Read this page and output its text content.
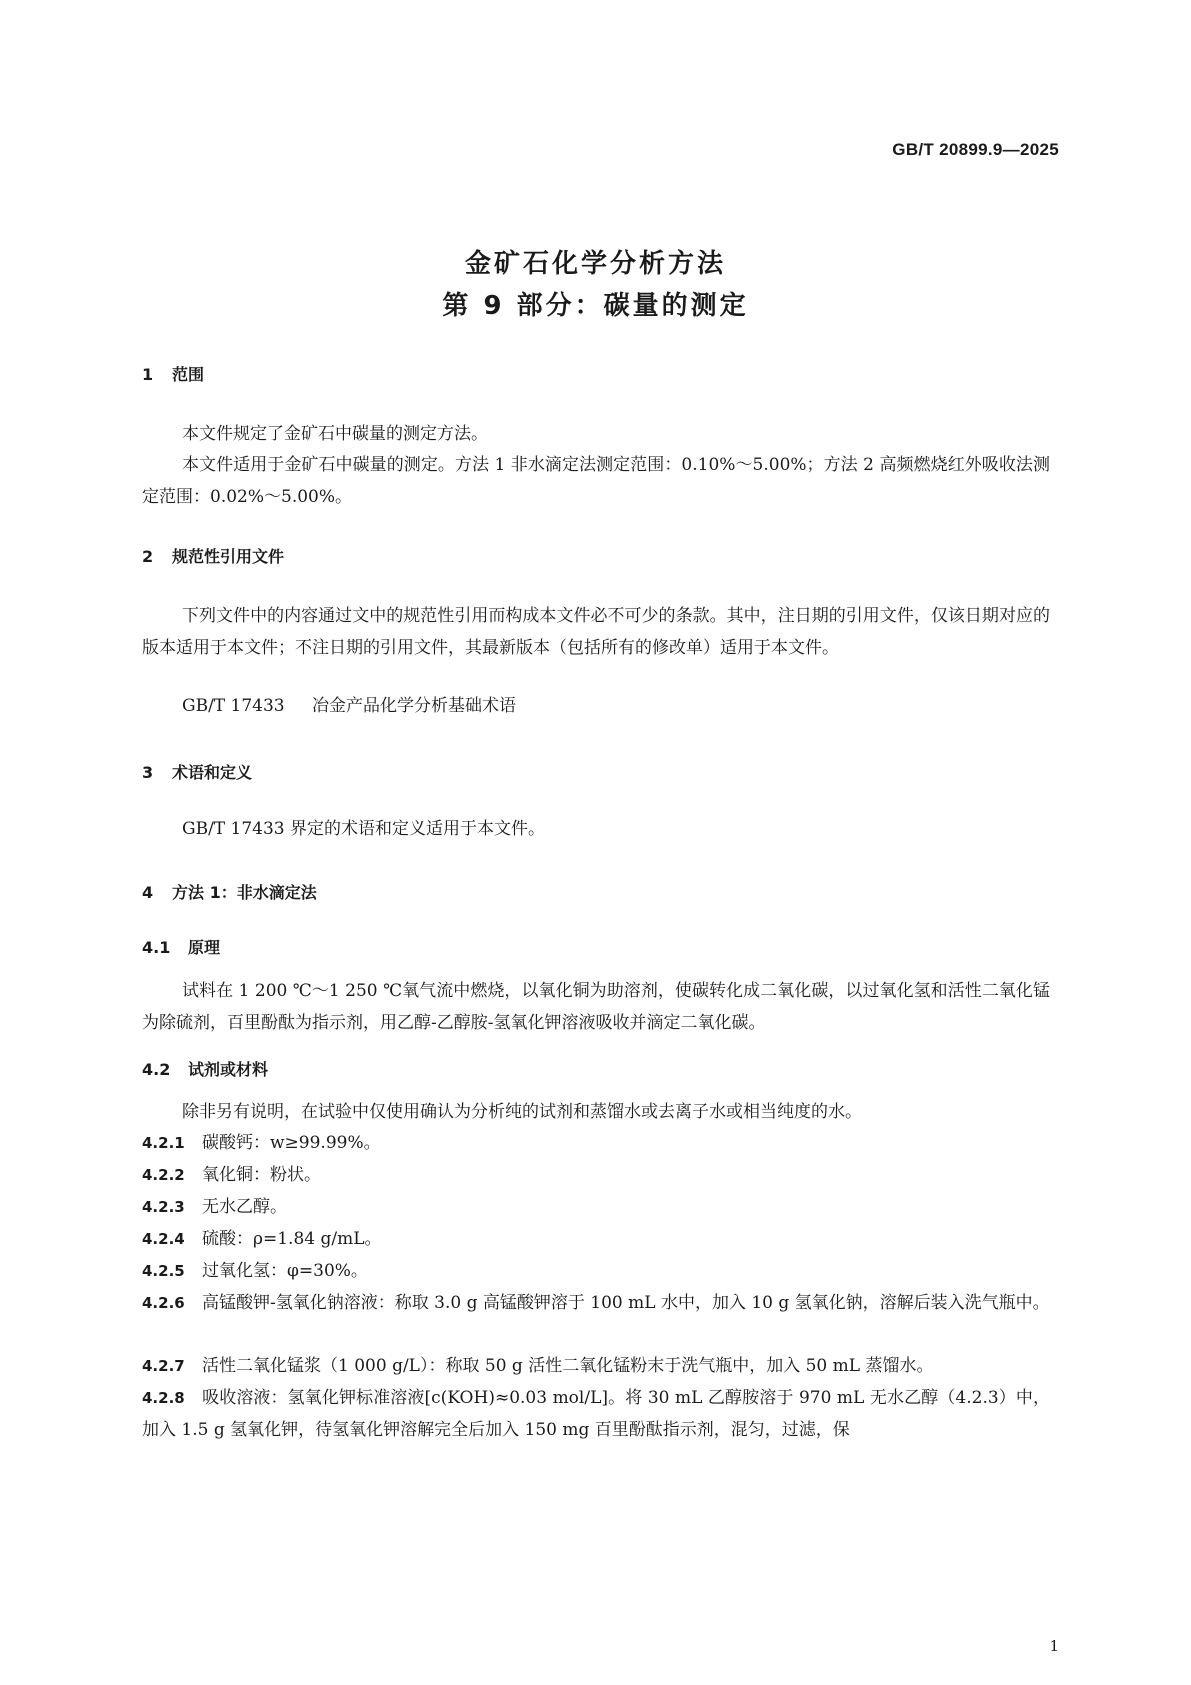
GB/T 20899.9—2025
金矿石化学分析方法
第 9 部分：碳量的测定
1 范围
本文件规定了金矿石中碳量的测定方法。
本文件适用于金矿石中碳量的测定。方法 1 非水滴定法测定范围：0.10%～5.00%；方法 2 高频燃烧红外吸收法测定范围：0.02%～5.00%。
2 规范性引用文件
下列文件中的内容通过文中的规范性引用而构成本文件必不可少的条款。其中，注日期的引用文件，仅该日期对应的版本适用于本文件；不注日期的引用文件，其最新版本（包括所有的修改单）适用于本文件。
GB/T 17433 冶金产品化学分析基础术语
3 术语和定义
GB/T 17433 界定的术语和定义适用于本文件。
4 方法 1：非水滴定法
4.1 原理
试料在 1 200 ℃～1 250 ℃氧气流中燃烧，以氧化铜为助溶剂，使碳转化成二氧化碳，以过氧化氢和活性二氧化锰为除硫剂，百里酚酞为指示剂，用乙醇-乙醇胺-氢氧化钾溶液吸收并滴定二氧化碳。
4.2 试剂或材料
除非另有说明，在试验中仅使用确认为分析纯的试剂和蒸馏水或去离子水或相当纯度的水。
4.2.1 碳酸钙：w≥99.99%。
4.2.2 氧化铜：粉状。
4.2.3 无水乙醇。
4.2.4 硫酸：ρ=1.84 g/mL。
4.2.5 过氧化氢：φ=30%。
4.2.6 高锰酸钾-氢氧化钠溶液：称取 3.0 g 高锰酸钾溶于 100 mL 水中，加入 10 g 氢氧化钠，溶解后装入洗气瓶中。
4.2.7 活性二氧化锰浆（1 000 g/L）：称取 50 g 活性二氧化锰粉末于洗气瓶中，加入 50 mL 蒸馏水。
4.2.8 吸收溶液：氢氧化钾标准溶液[c(KOH)≈0.03 mol/L]。将 30 mL 乙醇胺溶于 970 mL 无水乙醇（4.2.3）中，加入 1.5 g 氢氧化钾，待氢氧化钾溶解完全后加入 150 mg 百里酚酞指示剂，混匀，过滤，保
1
